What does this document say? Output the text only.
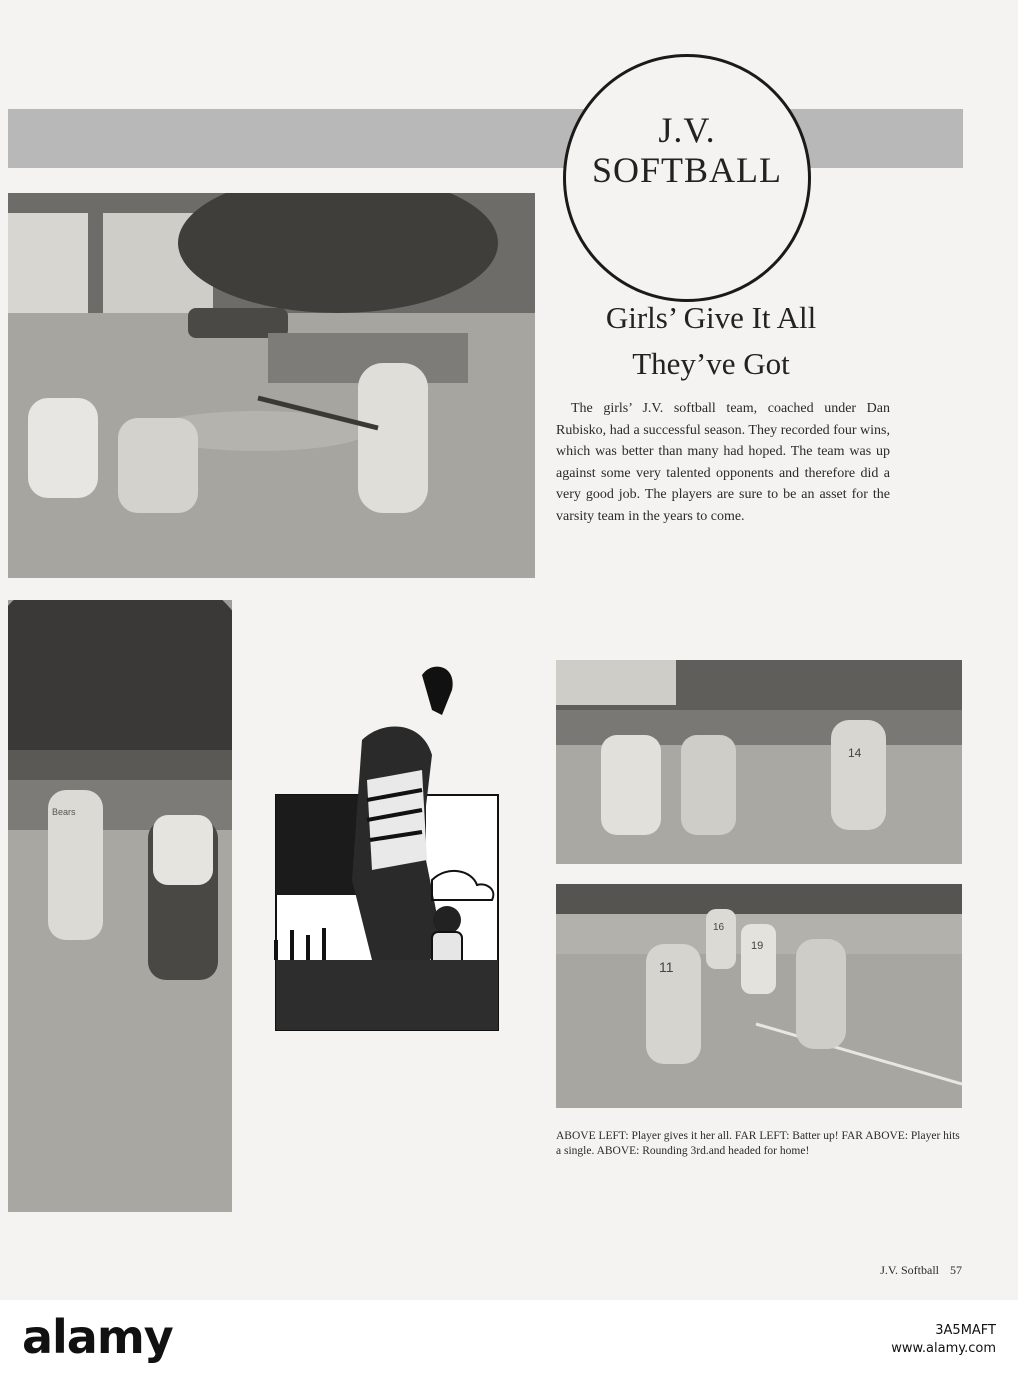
J.V.
SOFTBALL
Girls’ Give It All They’ve Got

The girls’ J.V. softball team, coached under Dan Rubisko, had a successful season. They recorded four wins, which was better than many had hoped. The team was up against some very talented opponents and therefore did a very good job. The players are sure to be an asset for the varsity team in the years to come.

Bears
14
11
16
19

ABOVE LEFT: Player gives it her all. FAR LEFT: Batter up! FAR ABOVE: Player hits a single. ABOVE: Rounding 3rd.and headed for home!

J.V. Softball 57
alamy	3A5MAFT
www.alamy.com
